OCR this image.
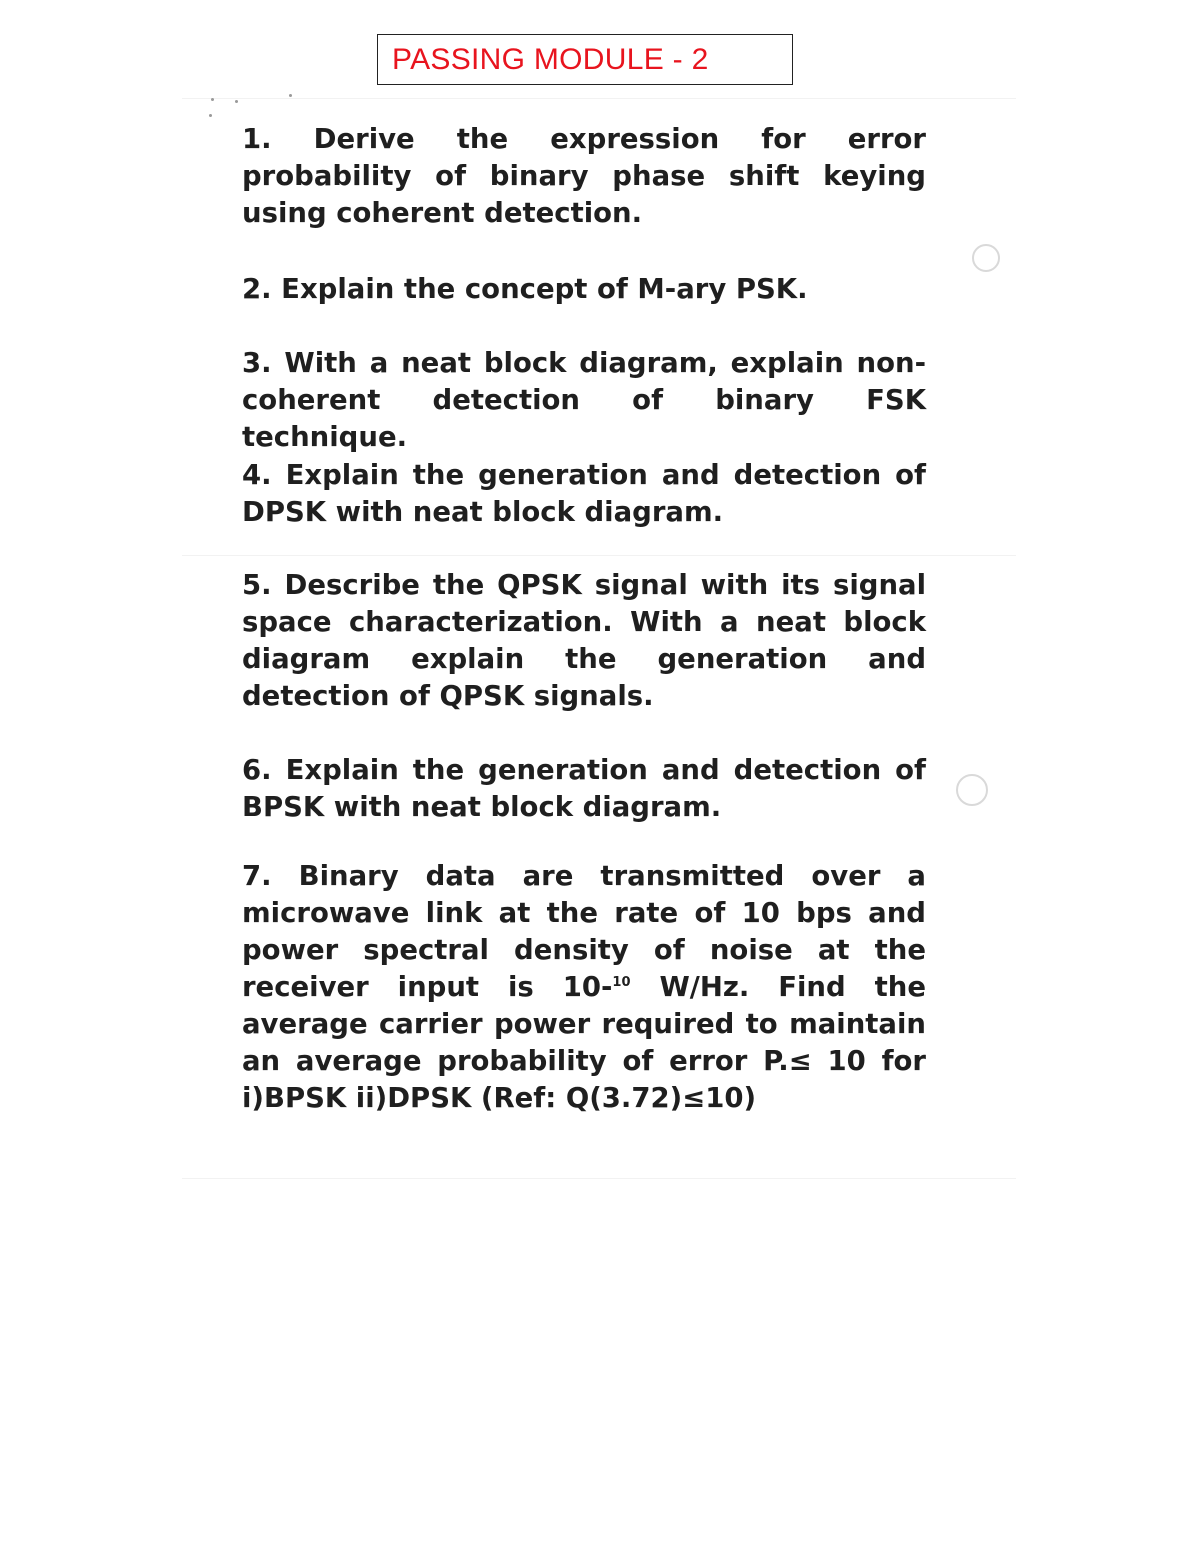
PASSING MODULE - 2

1. Derive the expression for error probability of binary phase shift keying using coherent detection.

2. Explain the concept of M-ary PSK.

3. With a neat block diagram, explain non-coherent detection of binary FSK technique.

4. Explain the generation and detection of DPSK with neat block diagram.

5. Describe the QPSK signal with its signal space characterization. With a neat block diagram explain the generation and detection of QPSK signals.

6. Explain the generation and detection of BPSK with neat block diagram.

7. Binary data are transmitted over a microwave link at the rate of 10 bps and power spectral density of noise at the receiver input is 10-$^{10}$ W/Hz. Find the average carrier power required to maintain an average probability of error P.≤ 10 for i)BPSK ii)DPSK (Ref: Q(3.72)≤10)
